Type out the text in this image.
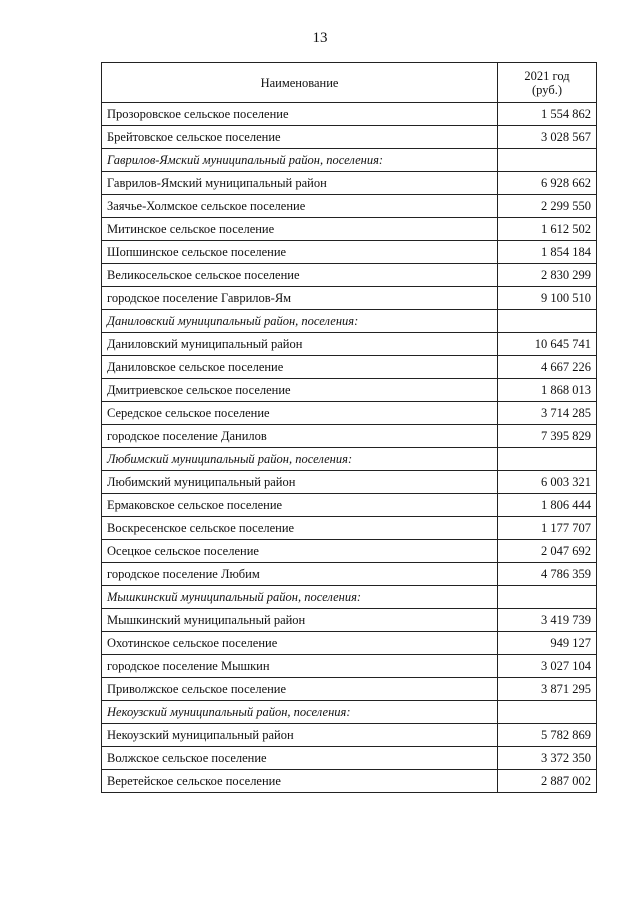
13
Наименование	2021 год
(руб.)
Прозоровское сельское поселение	1 554 862
Брейтовское сельское поселение	3 028 567
Гаврилов-Ямский муниципальный район, поселения:	
Гаврилов-Ямский муниципальный район	6 928 662
Заячье-Холмское сельское поселение	2 299 550
Митинское сельское поселение	1 612 502
Шопшинское сельское поселение	1 854 184
Великосельское сельское поселение	2 830 299
городское поселение Гаврилов-Ям	9 100 510
Даниловский муниципальный район, поселения:	
Даниловский муниципальный район	10 645 741
Даниловское сельское поселение	4 667 226
Дмитриевское сельское поселение	1 868 013
Середское сельское поселение	3 714 285
городское поселение Данилов	7 395 829
Любимский муниципальный район, поселения:	
Любимский муниципальный район	6 003 321
Ермаковское сельское поселение	1 806 444
Воскресенское сельское поселение	1 177 707
Осецкое сельское поселение	2 047 692
городское поселение Любим	4 786 359
Мышкинский муниципальный район, поселения:	
Мышкинский муниципальный район	3 419 739
Охотинское сельское поселение	949 127
городское поселение Мышкин	3 027 104
Приволжское сельское поселение	3 871 295
Некоузский муниципальный район, поселения:	
Некоузский муниципальный район	5 782 869
Волжское сельское поселение	3 372 350
Веретейское сельское поселение	2 887 002
